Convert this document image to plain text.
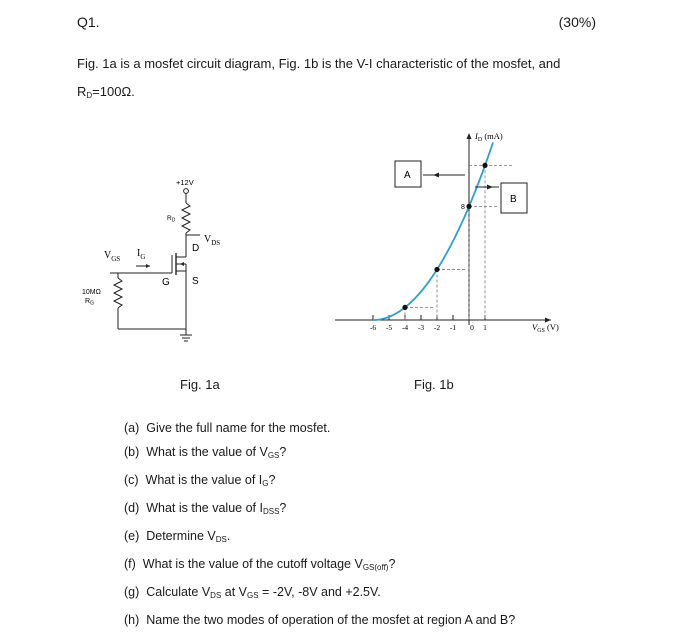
Q1.	(30%)
Fig. 1a is a mosfet circuit diagram, Fig. 1b is the V-I characteristic of the mosfet, and
$R_D=100\Omega$.
+12V
$R_D$
$V_{DS}$
D
S
G
$V_{GS}$ $I_G$
10MΩ
$R_G$
Fig. 1a
$I_D$ (mA)
$V_{GS}$ (V)
-6 -5 -4 -3 -2 -1 0 1
8
A
B
Fig. 1b
(a) Give the full name for the mosfet.
(b) What is the value of $V_{GS}$?
(c) What is the value of $I_G$?
(d) What is the value of $I_{DSS}$?
(e) Determine $V_{DS}$.
(f) What is the value of the cutoff voltage $V_{GS(off)}$?
(g) Calculate $V_{DS}$ at $V_{GS} = -2V$, -8V and +2.5V.
(h) Name the two modes of operation of the mosfet at region A and B?
